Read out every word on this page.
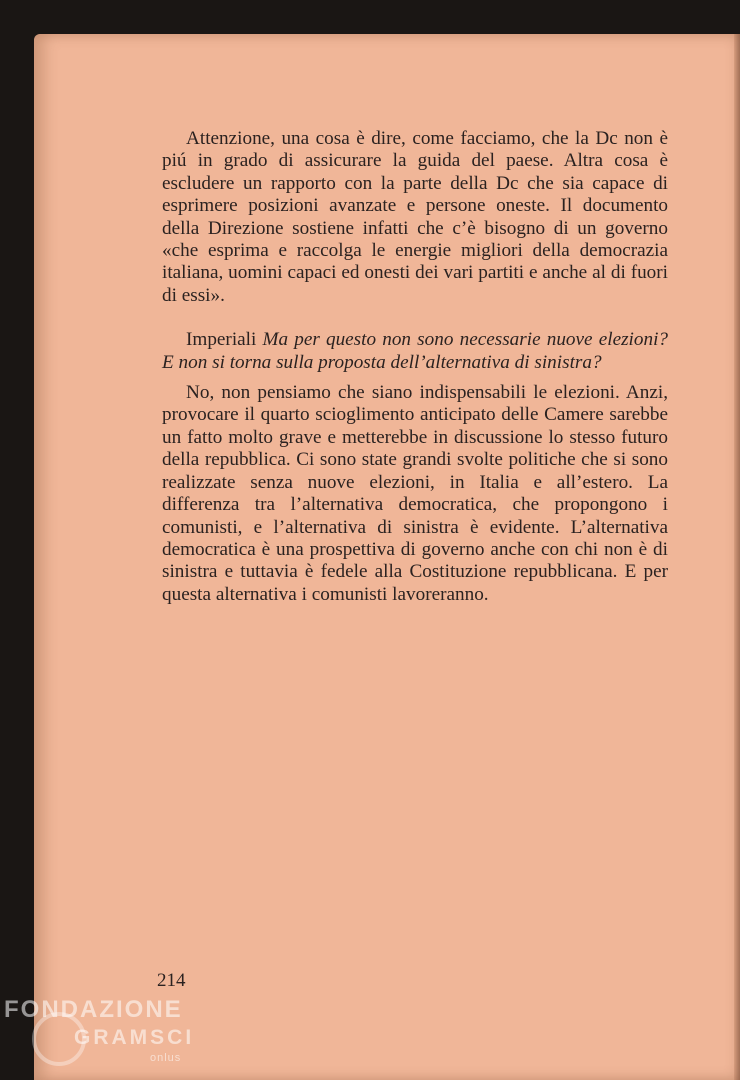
Attenzione, una cosa è dire, come facciamo, che la Dc non è piú in grado di assicurare la guida del paese. Altra cosa è escludere un rapporto con la parte della Dc che sia capace di esprimere posizioni avanzate e persone oneste. Il documento della Direzione sostiene infatti che c’è bisogno di un governo «che esprima e raccolga le energie migliori della democrazia italiana, uomini capaci ed onesti dei vari partiti e anche al di fuori di essi».

Imperiali Ma per questo non sono necessarie nuove elezioni? E non si torna sulla proposta dell’alternativa di sinistra?

No, non pensiamo che siano indispensabili le elezioni. Anzi, provocare il quarto scioglimento anticipato delle Camere sarebbe un fatto molto grave e metterebbe in discussione lo stesso futuro della repubblica. Ci sono state grandi svolte politiche che si sono realizzate senza nuove elezioni, in Italia e all’estero. La differenza tra l’alternativa democratica, che propongono i comunisti, e l’alternativa di sinistra è evidente. L’alternativa democratica è una prospettiva di governo anche con chi non è di sinistra e tuttavia è fedele alla Costituzione repubblicana. E per questa alternativa i comunisti lavoreranno.

214
FONDAZIONE
GRAMSCI
onlus
